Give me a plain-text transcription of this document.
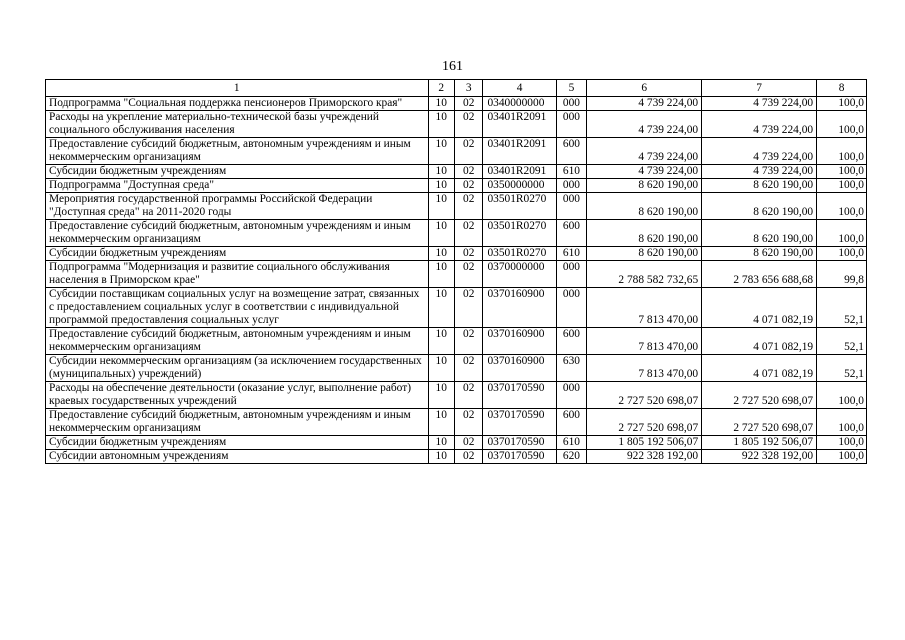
161
1	2	3	4	5	6	7	8
Подпрограмма "Социальная поддержка пенсионеров Приморского края"	10	02	0340000000	000	4 739 224,00	4 739 224,00	100,0
Расходы на укрепление материально-технической базы учреждений социального обслуживания населения	10	02	03401R2091	000	4 739 224,00	4 739 224,00	100,0
Предоставление субсидий бюджетным, автономным учреждениям и иным некоммерческим организациям	10	02	03401R2091	600	4 739 224,00	4 739 224,00	100,0
Субсидии бюджетным учреждениям	10	02	03401R2091	610	4 739 224,00	4 739 224,00	100,0
Подпрограмма "Доступная среда"	10	02	0350000000	000	8 620 190,00	8 620 190,00	100,0
Мероприятия государственной программы Российской Федерации "Доступная среда" на 2011-2020 годы	10	02	03501R0270	000	8 620 190,00	8 620 190,00	100,0
Предоставление субсидий бюджетным, автономным учреждениям и иным некоммерческим организациям	10	02	03501R0270	600	8 620 190,00	8 620 190,00	100,0
Субсидии бюджетным учреждениям	10	02	03501R0270	610	8 620 190,00	8 620 190,00	100,0
Подпрограмма "Модернизация и развитие социального обслуживания населения в Приморском крае"	10	02	0370000000	000	2 788 582 732,65	2 783 656 688,68	99,8
Субсидии поставщикам социальных услуг на возмещение затрат, связанных с предоставлением социальных услуг в соответствии с индивидуальной программой предоставления социальных услуг	10	02	0370160900	000	7 813 470,00	4 071 082,19	52,1
Предоставление субсидий бюджетным, автономным учреждениям и иным некоммерческим организациям	10	02	0370160900	600	7 813 470,00	4 071 082,19	52,1
Субсидии некоммерческим организациям (за исключением государственных (муниципальных) учреждений)	10	02	0370160900	630	7 813 470,00	4 071 082,19	52,1
Расходы на обеспечение деятельности (оказание услуг, выполнение работ) краевых государственных учреждений	10	02	0370170590	000	2 727 520 698,07	2 727 520 698,07	100,0
Предоставление субсидий бюджетным, автономным учреждениям и иным некоммерческим организациям	10	02	0370170590	600	2 727 520 698,07	2 727 520 698,07	100,0
Субсидии бюджетным учреждениям	10	02	0370170590	610	1 805 192 506,07	1 805 192 506,07	100,0
Субсидии автономным учреждениям	10	02	0370170590	620	922 328 192,00	922 328 192,00	100,0
